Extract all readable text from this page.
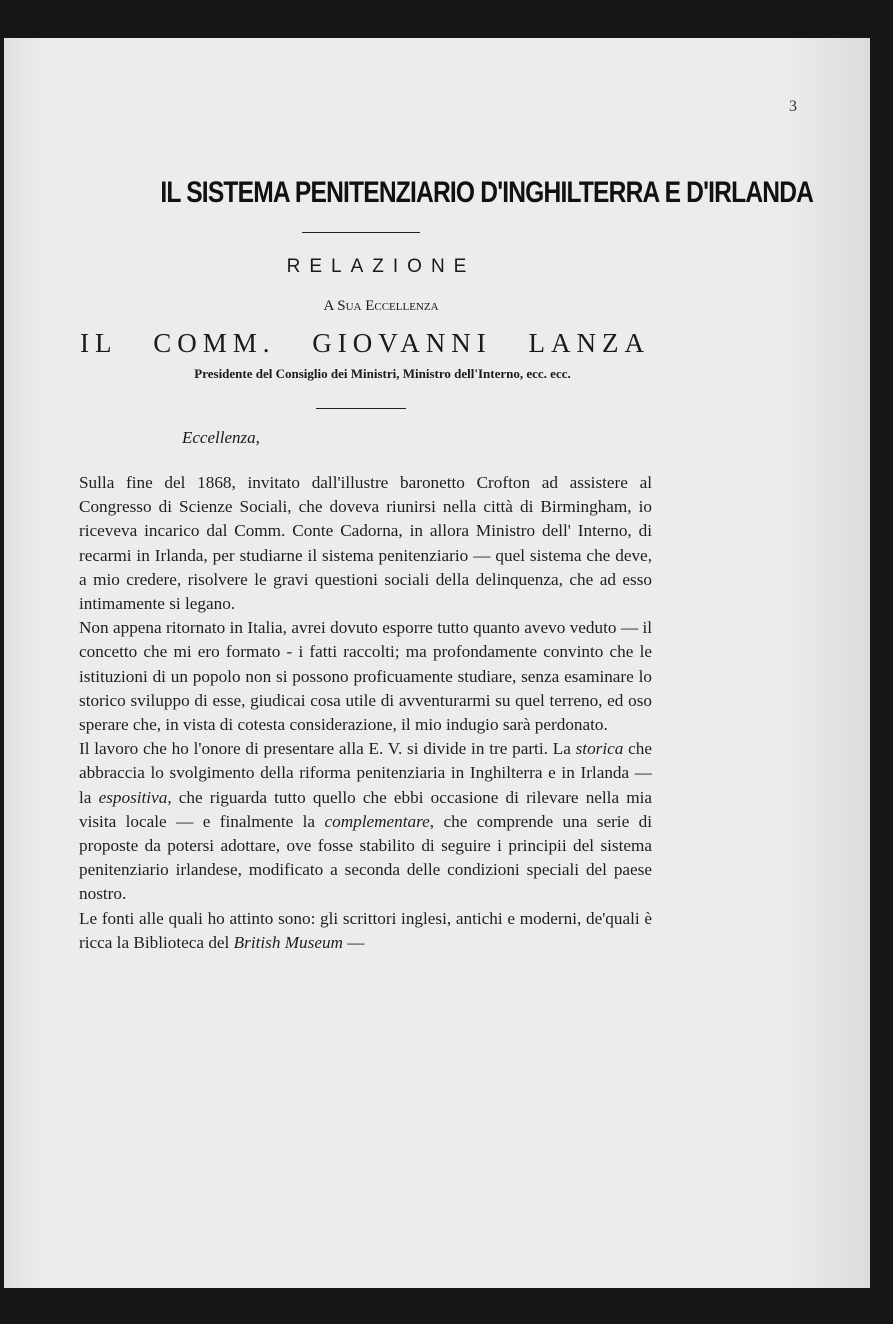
3
IL SISTEMA PENITENZIARIO D'INGHILTERRA E D'IRLANDA
RELAZIONE
A Sua Eccellenza
IL COMM. GIOVANNI LANZA
Presidente del Consiglio dei Ministri, Ministro dell'Interno, ecc. ecc.
Eccellenza,

Sulla fine del 1868, invitato dall'illustre baronetto Crofton ad assistere al Congresso di Scienze Sociali, che doveva riunirsi nella città di Birmingham, io riceveva incarico dal Comm. Conte Cadorna, in allora Ministro dell' Interno, di recarmi in Irlanda, per studiarne il sistema penitenziario — quel sistema che deve, a mio credere, risolvere le gravi questioni sociali della delinquenza, che ad esso intimamente si legano.

Non appena ritornato in Italia, avrei dovuto esporre tutto quanto avevo veduto — il concetto che mi ero formato - i fatti raccolti; ma profondamente convinto che le istituzioni di un popolo non si possono proficuamente studiare, senza esaminare lo storico sviluppo di esse, giudicai cosa utile di avventurarmi su quel terreno, ed oso sperare che, in vista di cotesta considerazione, il mio indugio sarà perdonato.

Il lavoro che ho l'onore di presentare alla E. V. si divide in tre parti. La storica che abbraccia lo svolgimento della riforma penitenziaria in Inghilterra e in Irlanda — la espositiva, che riguarda tutto quello che ebbi occasione di rilevare nella mia visita locale — e finalmente la complementare, che comprende una serie di proposte da potersi adottare, ove fosse stabilito di seguire i principii del sistema penitenziario irlandese, modificato a seconda delle condizioni speciali del paese nostro.

Le fonti alle quali ho attinto sono: gli scrittori inglesi, antichi e moderni, de'quali è ricca la Biblioteca del British Museum —
